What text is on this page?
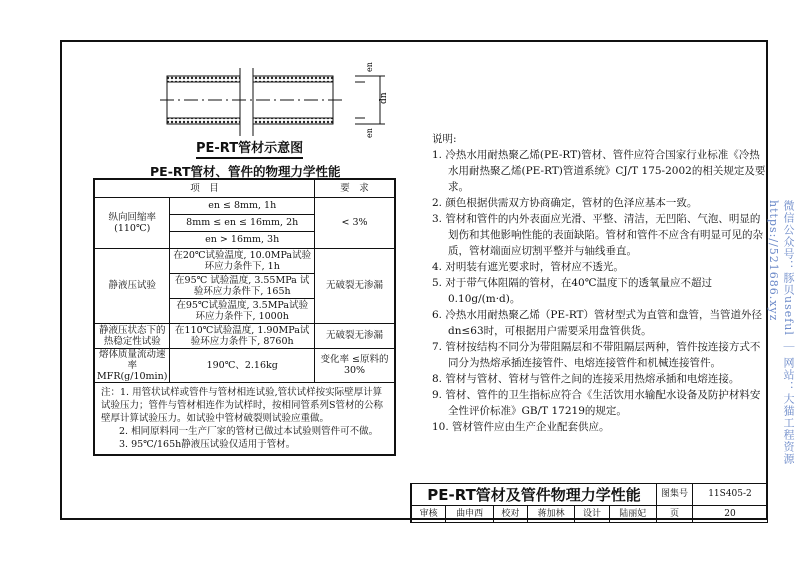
dn
en
en
PE-RT管材示意图
PE-RT管材、管件的物理力学性能
项　目		要　求
纵向回缩率
(110℃)	en ≤ 8mm, 1h	< 3%
	8mm ≤ en ≤ 16mm, 2h	
	en > 16mm, 3h	
静液压试验	在20℃试验温度, 10.0MPa试验环应力条件下, 1h	无破裂无渗漏
	在95℃ 试验温度, 3.55MPa 试验环应力条件下, 165h	
	在95℃试验温度, 3.5MPa试验环应力条件下, 1000h	
静液压状态下的热稳定性试验	在110℃试验温度, 1.90MPa试验环应力条件下, 8760h	无破裂无渗漏
熔体质量流动速率 MFR(g/10min)	190℃、2.16kg	变化率 ≤原料的30%

注：1. 用管状试样或管件与管材相连试验,管状试样按实际壁厚计算试验压力；管件与管材相连作为试样时，按相同管系列S管材的公称壁厚计算试验压力。如试验中管材破裂则试验应重做。
2. 相同原料同一生产厂家的管材已做过本试验则管件可不做。
3. 95℃/165h静液压试验仅适用于管材。		
说明:
1. 冷热水用耐热聚乙烯(PE-RT)管材、管件应符合国家行业标准《冷热水用耐热聚乙烯(PE-RT)管道系统》CJ/T 175-2002的相关规定及要求。
2. 颜色根据供需双方协商确定，管材的色泽应基本一致。
3. 管材和管件的内外表面应光滑、平整、清洁，无凹陷、气泡、明显的划伤和其他影响性能的表面缺陷。管材和管件不应含有明显可见的杂质，管材端面应切割平整并与轴线垂直。
4. 对明装有遮光要求时，管材应不透光。
5. 对于带气体阻隔的管材，在40℃温度下的透氧量应不超过0.10g/(m·d)。
6. 冷热水用耐热聚乙烯（PE-RT）管材型式为直管和盘管，当管道外径dn≤63时，可根据用户需要采用盘管供货。
7. 管材按结构不同分为带阻隔层和不带阻隔层两种，管件按连接方式不同分为热熔承插连接管件、电熔连接管件和机械连接管件。
8. 管材与管材、管材与管件之间的连接采用热熔承插和电熔连接。
9. 管材、管件的卫生指标应符合《生活饮用水输配水设备及防护材料安全性评价标准》GB/T 17219的规定。
10. 管材管件应由生产企业配套供应。
PE-RT管材及管件物理力学性能						图集号	11S405-2
审核	曲申西	校对	蒋加林	设计	陆丽妃	页	20
微信公众号：豚贝useful ｜ 网站：大猫工程资源 https://521686.xyz
